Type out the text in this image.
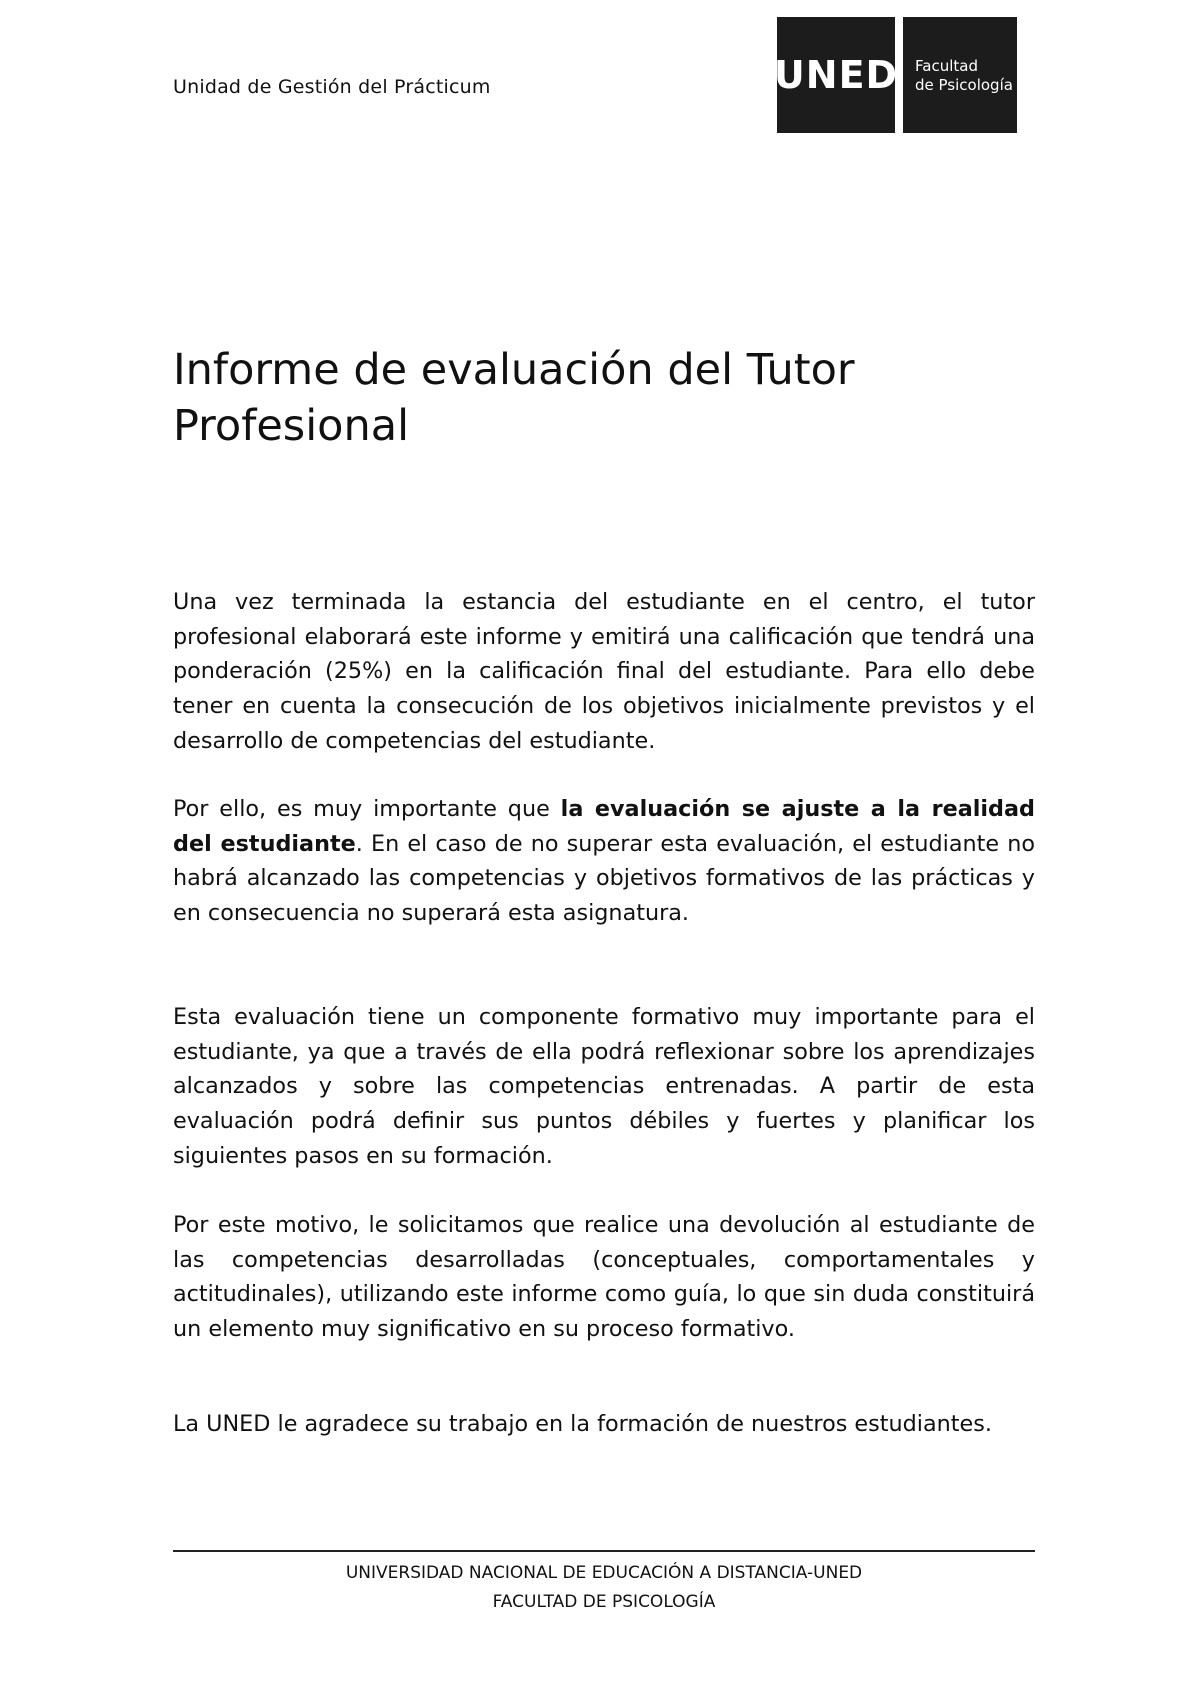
Unidad de Gestión del Prácticum	UNED Facultad
de Psicología
Informe de evaluación del Tutor
Profesional

Una vez terminada la estancia del estudiante en el centro, el tutor profesional elaborará este informe y emitirá una calificación que tendrá una ponderación (25%) en la calificación final del estudiante. Para ello debe tener en cuenta la consecución de los objetivos inicialmente previstos y el desarrollo de competencias del estudiante.

Por ello, es muy importante que la evaluación se ajuste a la realidad del estudiante. En el caso de no superar esta evaluación, el estudiante no habrá alcanzado las competencias y objetivos formativos de las prácticas y en consecuencia no superará esta asignatura.

Esta evaluación tiene un componente formativo muy importante para el estudiante, ya que a través de ella podrá reflexionar sobre los aprendizajes alcanzados y sobre las competencias entrenadas. A partir de esta evaluación podrá definir sus puntos débiles y fuertes y planificar los siguientes pasos en su formación.

Por este motivo, le solicitamos que realice una devolución al estudiante de las competencias desarrolladas (conceptuales, comportamentales y actitudinales), utilizando este informe como guía, lo que sin duda constituirá un elemento muy significativo en su proceso formativo.

La UNED le agradece su trabajo en la formación de nuestros estudiantes.

UNIVERSIDAD NACIONAL DE EDUCACIÓN A DISTANCIA-UNED
FACULTAD DE PSICOLOGÍA
